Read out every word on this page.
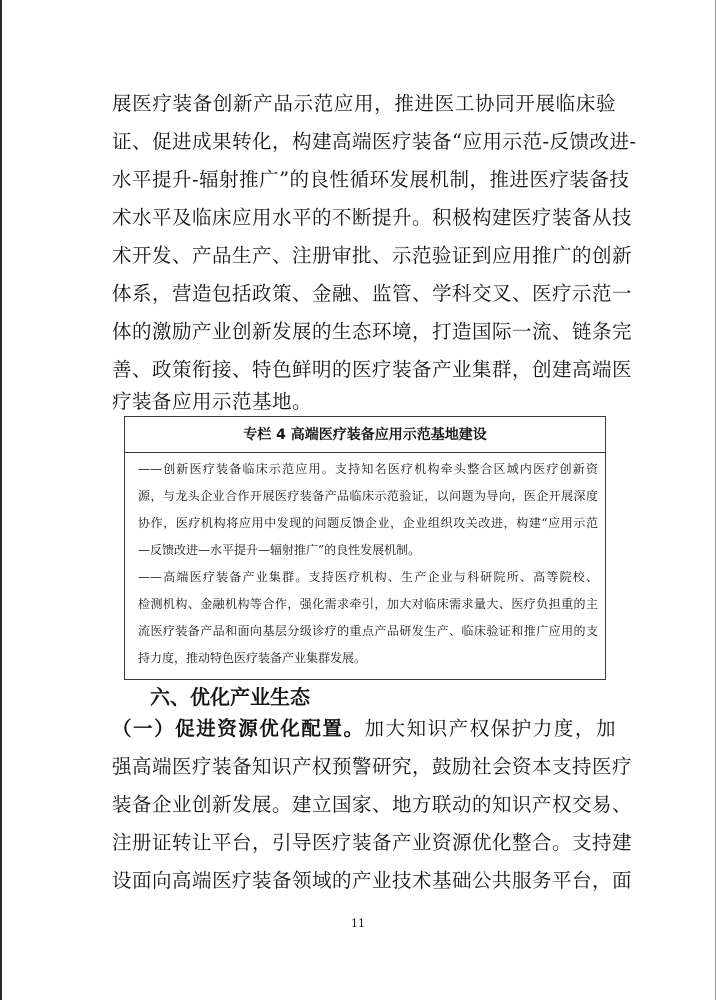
展医疗装备创新产品示范应用，推进医工协同开展临床验
证、促进成果转化，构建高端医疗装备“应用示范-反馈改进-
水平提升-辐射推广”的良性循环发展机制，推进医疗装备技
术水平及临床应用水平的不断提升。积极构建医疗装备从技
术开发、产品生产、注册审批、示范验证到应用推广的创新
体系，营造包括政策、金融、监管、学科交叉、医疗示范一
体的激励产业创新发展的生态环境，打造国际一流、链条完
善、政策衔接、特色鲜明的医疗装备产业集群，创建高端医
疗装备应用示范基地。
专栏 4 高端医疗装备应用示范基地建设
——创新医疗装备临床示范应用。支持知名医疗机构牵头整合区域内医疗创新资
源，与龙头企业合作开展医疗装备产品临床示范验证，以问题为导向，医企开展深度
协作，医疗机构将应用中发现的问题反馈企业，企业组织攻关改进，构建“应用示范
—反馈改进—水平提升—辐射推广”的良性发展机制。
——高端医疗装备产业集群。支持医疗机构、生产企业与科研院所、高等院校、
检测机构、金融机构等合作，强化需求牵引，加大对临床需求量大、医疗负担重的主
流医疗装备产品和面向基层分级诊疗的重点产品研发生产、临床验证和推广应用的支
持力度，推动特色医疗装备产业集群发展。
六、优化产业生态
（一）促进资源优化配置。加大知识产权保护力度，加
强高端医疗装备知识产权预警研究，鼓励社会资本支持医疗
装备企业创新发展。建立国家、地方联动的知识产权交易、
注册证转让平台，引导医疗装备产业资源优化整合。支持建
设面向高端医疗装备领域的产业技术基础公共服务平台，面
11
